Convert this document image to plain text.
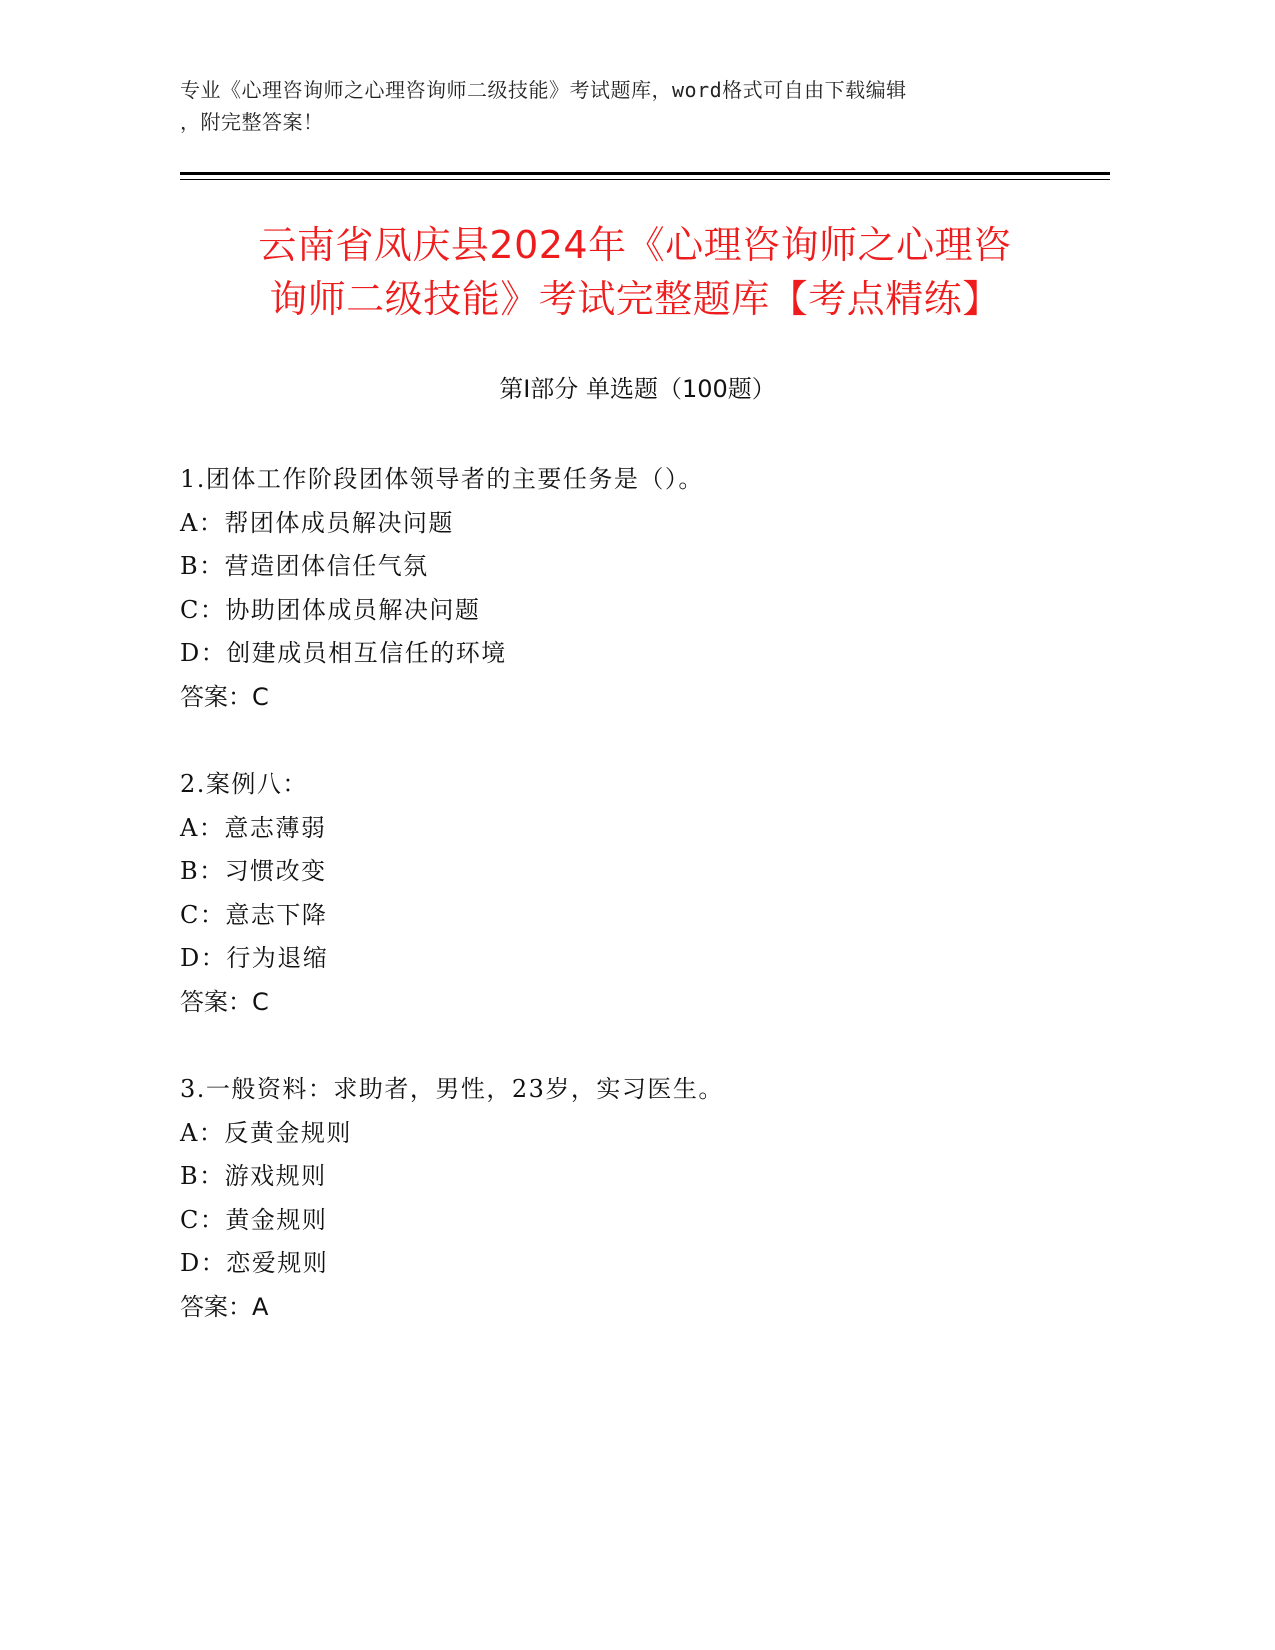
专业《心理咨询师之心理咨询师二级技能》考试题库，word格式可自由下载编辑
，附完整答案！
云南省凤庆县2024年《心理咨询师之心理咨
询师二级技能》考试完整题库【考点精练】
第Ⅰ部分 单选题（100题）
1.团体工作阶段团体领导者的主要任务是（）。
A：帮团体成员解决问题
B：营造团体信任气氛
C：协助团体成员解决问题
D：创建成员相互信任的环境
答案：C
2.案例八：
A：意志薄弱
B：习惯改变
C：意志下降
D：行为退缩
答案：C
3.一般资料：求助者，男性，23岁，实习医生。
A：反黄金规则
B：游戏规则
C：黄金规则
D：恋爱规则
答案：A
